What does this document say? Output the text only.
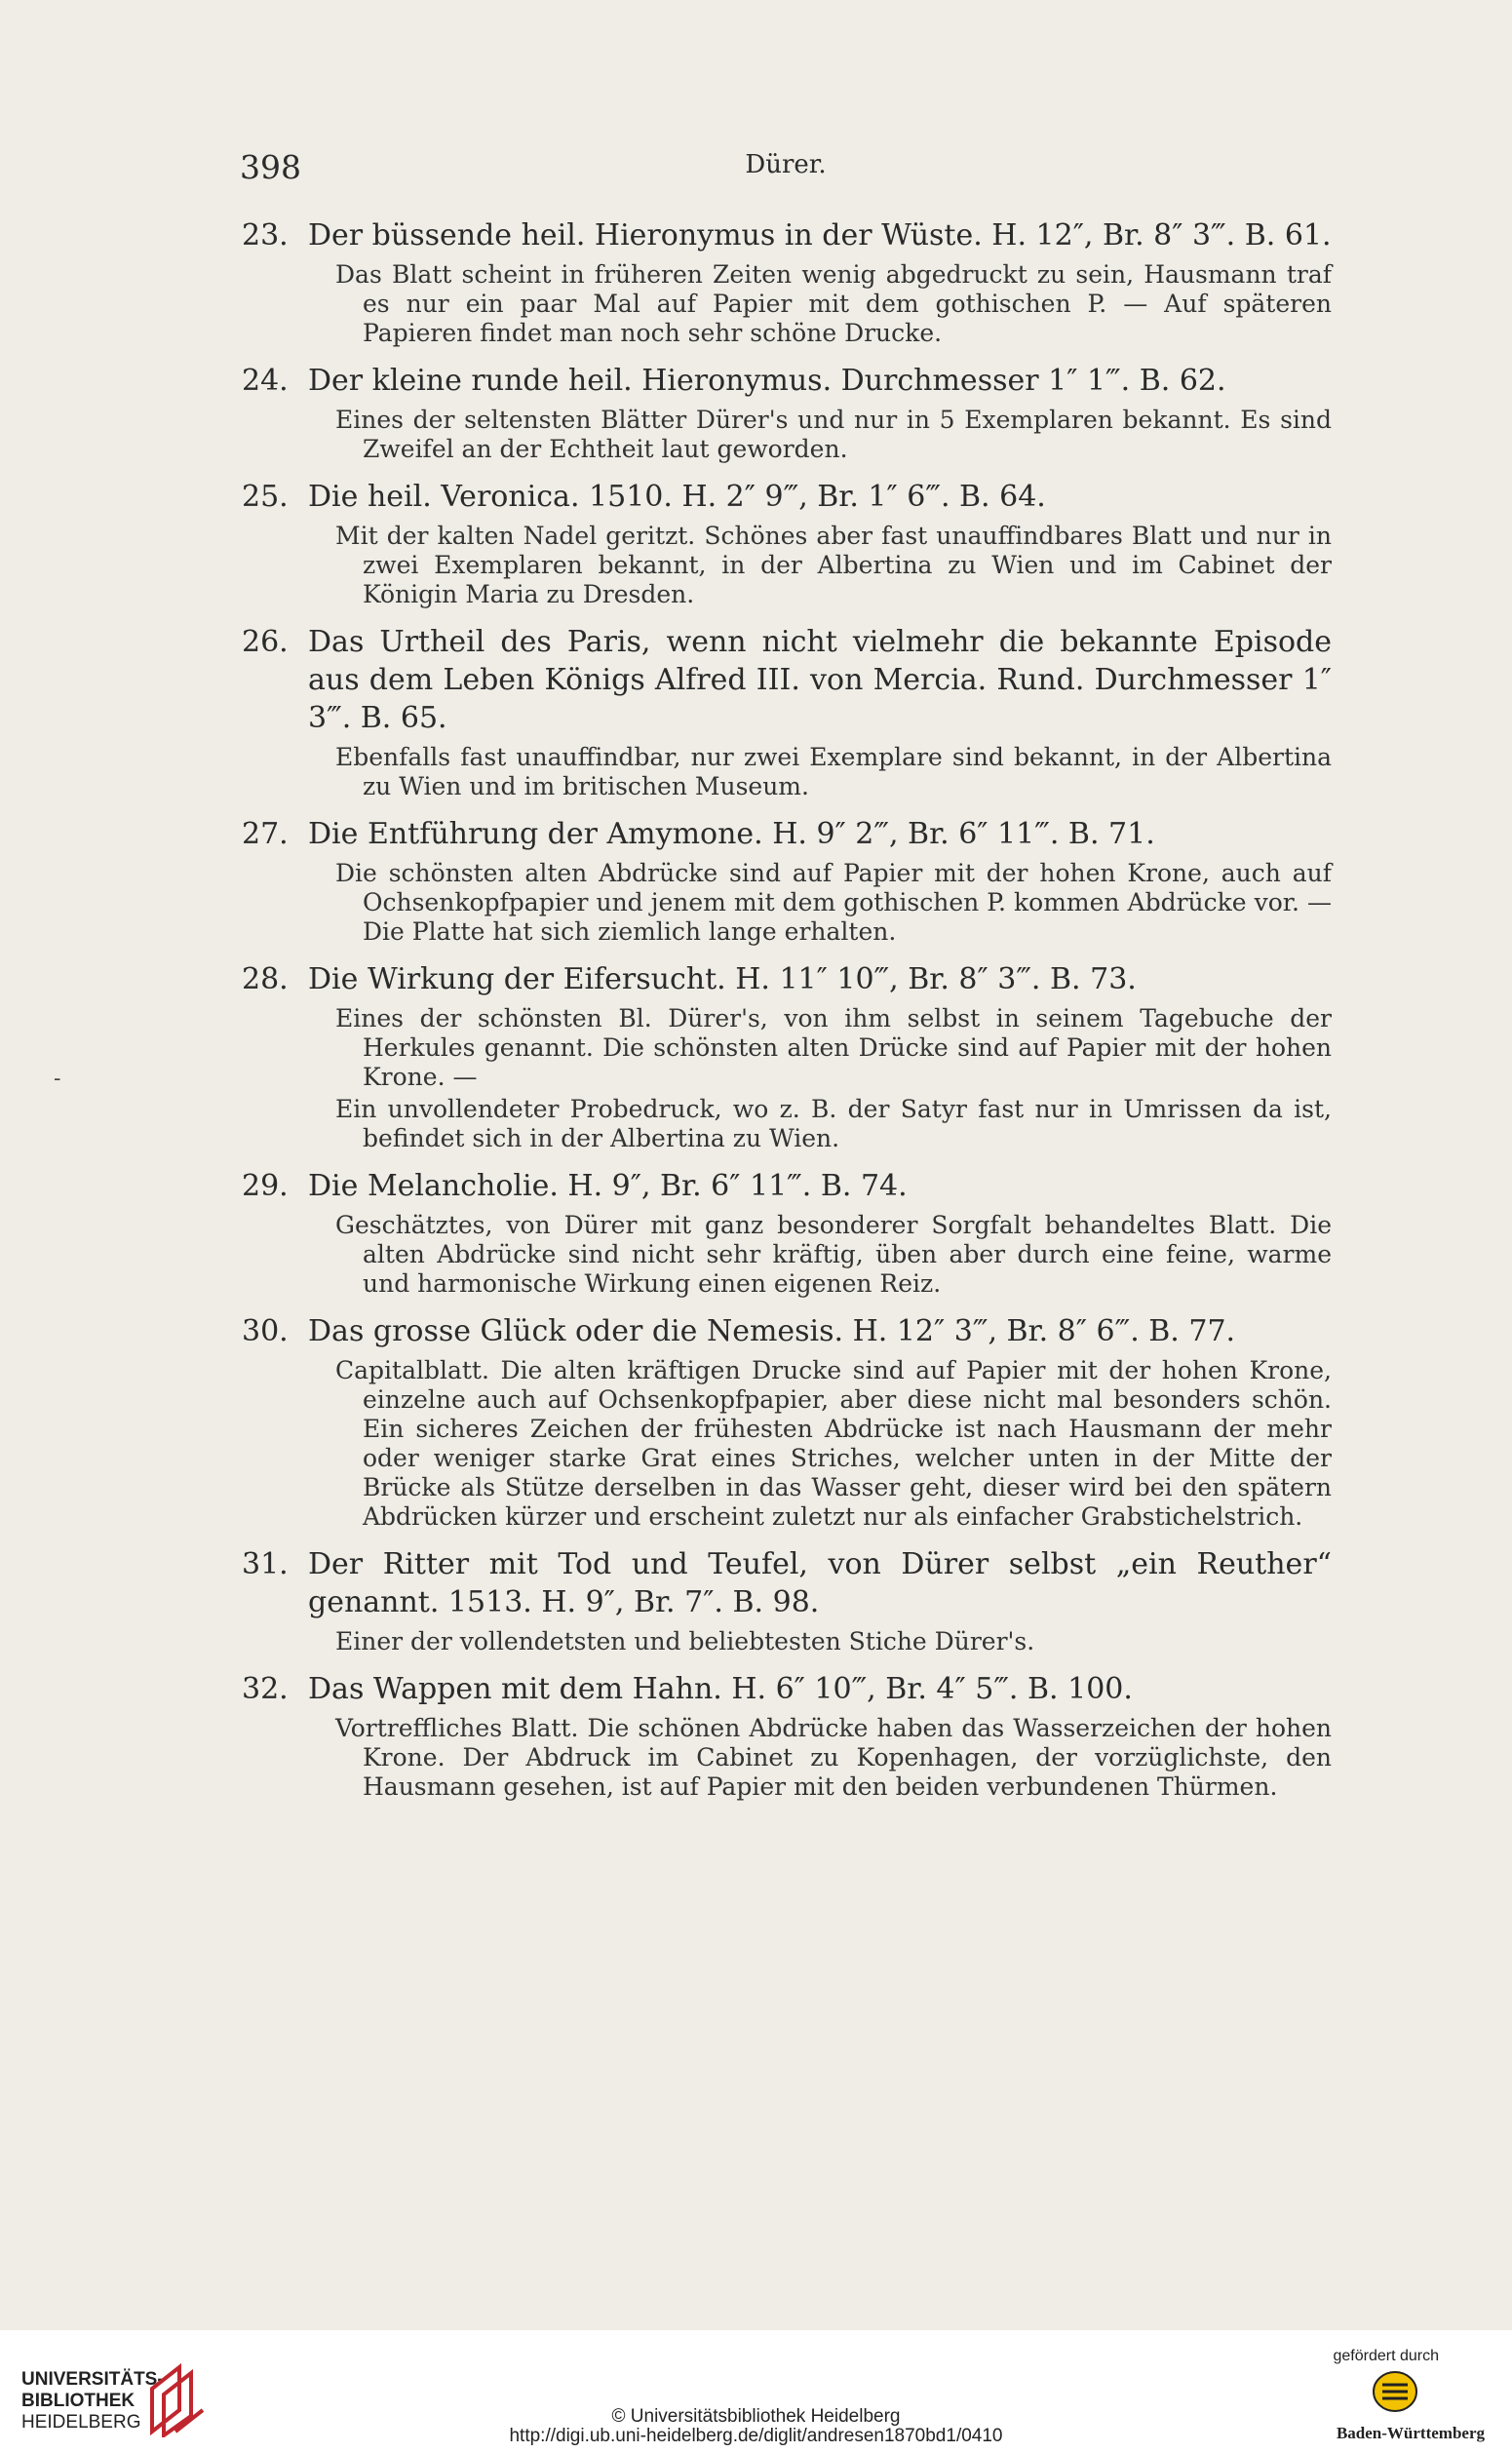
398	Dürer.
-

23. Der büssende heil. Hieronymus in der Wüste. H. 12″, Br. 8″ 3‴. B. 61.

Das Blatt scheint in früheren Zeiten wenig abgedruckt zu sein, Hausmann traf es nur ein paar Mal auf Papier mit dem gothischen P. — Auf späteren Papieren findet man noch sehr schöne Drucke.

24. Der kleine runde heil. Hieronymus. Durchmesser 1″ 1‴. B. 62.

Eines der seltensten Blätter Dürer's und nur in 5 Exemplaren bekannt. Es sind Zweifel an der Echtheit laut geworden.

25. Die heil. Veronica. 1510. H. 2″ 9‴, Br. 1″ 6‴. B. 64.

Mit der kalten Nadel geritzt. Schönes aber fast unauffindbares Blatt und nur in zwei Exemplaren bekannt, in der Albertina zu Wien und im Cabinet der Königin Maria zu Dresden.

26. Das Urtheil des Paris, wenn nicht vielmehr die bekannte Episode aus dem Leben Königs Alfred III. von Mercia. Rund. Durchmesser 1″ 3‴. B. 65.

Ebenfalls fast unauffindbar, nur zwei Exemplare sind bekannt, in der Albertina zu Wien und im britischen Museum.

27. Die Entführung der Amymone. H. 9″ 2‴, Br. 6″ 11‴. B. 71.

Die schönsten alten Abdrücke sind auf Papier mit der hohen Krone, auch auf Ochsenkopfpapier und jenem mit dem gothischen P. kommen Abdrücke vor. — Die Platte hat sich ziemlich lange erhalten.

28. Die Wirkung der Eifersucht. H. 11″ 10‴, Br. 8″ 3‴. B. 73.

Eines der schönsten Bl. Dürer's, von ihm selbst in seinem Tagebuche der Herkules genannt. Die schönsten alten Drücke sind auf Papier mit der hohen Krone. —

Ein unvollendeter Probedruck, wo z. B. der Satyr fast nur in Umrissen da ist, befindet sich in der Albertina zu Wien.

29. Die Melancholie. H. 9″, Br. 6″ 11‴. B. 74.

Geschätztes, von Dürer mit ganz besonderer Sorgfalt behandeltes Blatt. Die alten Abdrücke sind nicht sehr kräftig, üben aber durch eine feine, warme und harmonische Wirkung einen eigenen Reiz.

30. Das grosse Glück oder die Nemesis. H. 12″ 3‴, Br. 8″ 6‴. B. 77.

Capitalblatt. Die alten kräftigen Drucke sind auf Papier mit der hohen Krone, einzelne auch auf Ochsenkopfpapier, aber diese nicht mal besonders schön. Ein sicheres Zeichen der frühesten Abdrücke ist nach Hausmann der mehr oder weniger starke Grat eines Striches, welcher unten in der Mitte der Brücke als Stütze derselben in das Wasser geht, dieser wird bei den spätern Abdrücken kürzer und erscheint zuletzt nur als einfacher Grabstichelstrich.

31. Der Ritter mit Tod und Teufel, von Dürer selbst „ein Reuther“ genannt. 1513. H. 9″, Br. 7″. B. 98.

Einer der vollendetsten und beliebtesten Stiche Dürer's.

32. Das Wappen mit dem Hahn. H. 6″ 10‴, Br. 4″ 5‴. B. 100.

Vortreffliches Blatt. Die schönen Abdrücke haben das Wasserzeichen der hohen Krone. Der Abdruck im Cabinet zu Kopenhagen, der vorzüglichste, den Hausmann gesehen, ist auf Papier mit den beiden verbundenen Thürmen.

UNIVERSITÄTS-
BIBLIOTHEK
HEIDELBERG	© Universitätsbibliothek Heidelberg
http://digi.ub.uni-heidelberg.de/diglit/andresen1870bd1/0410
gefördert durch
Baden-Württemberg
